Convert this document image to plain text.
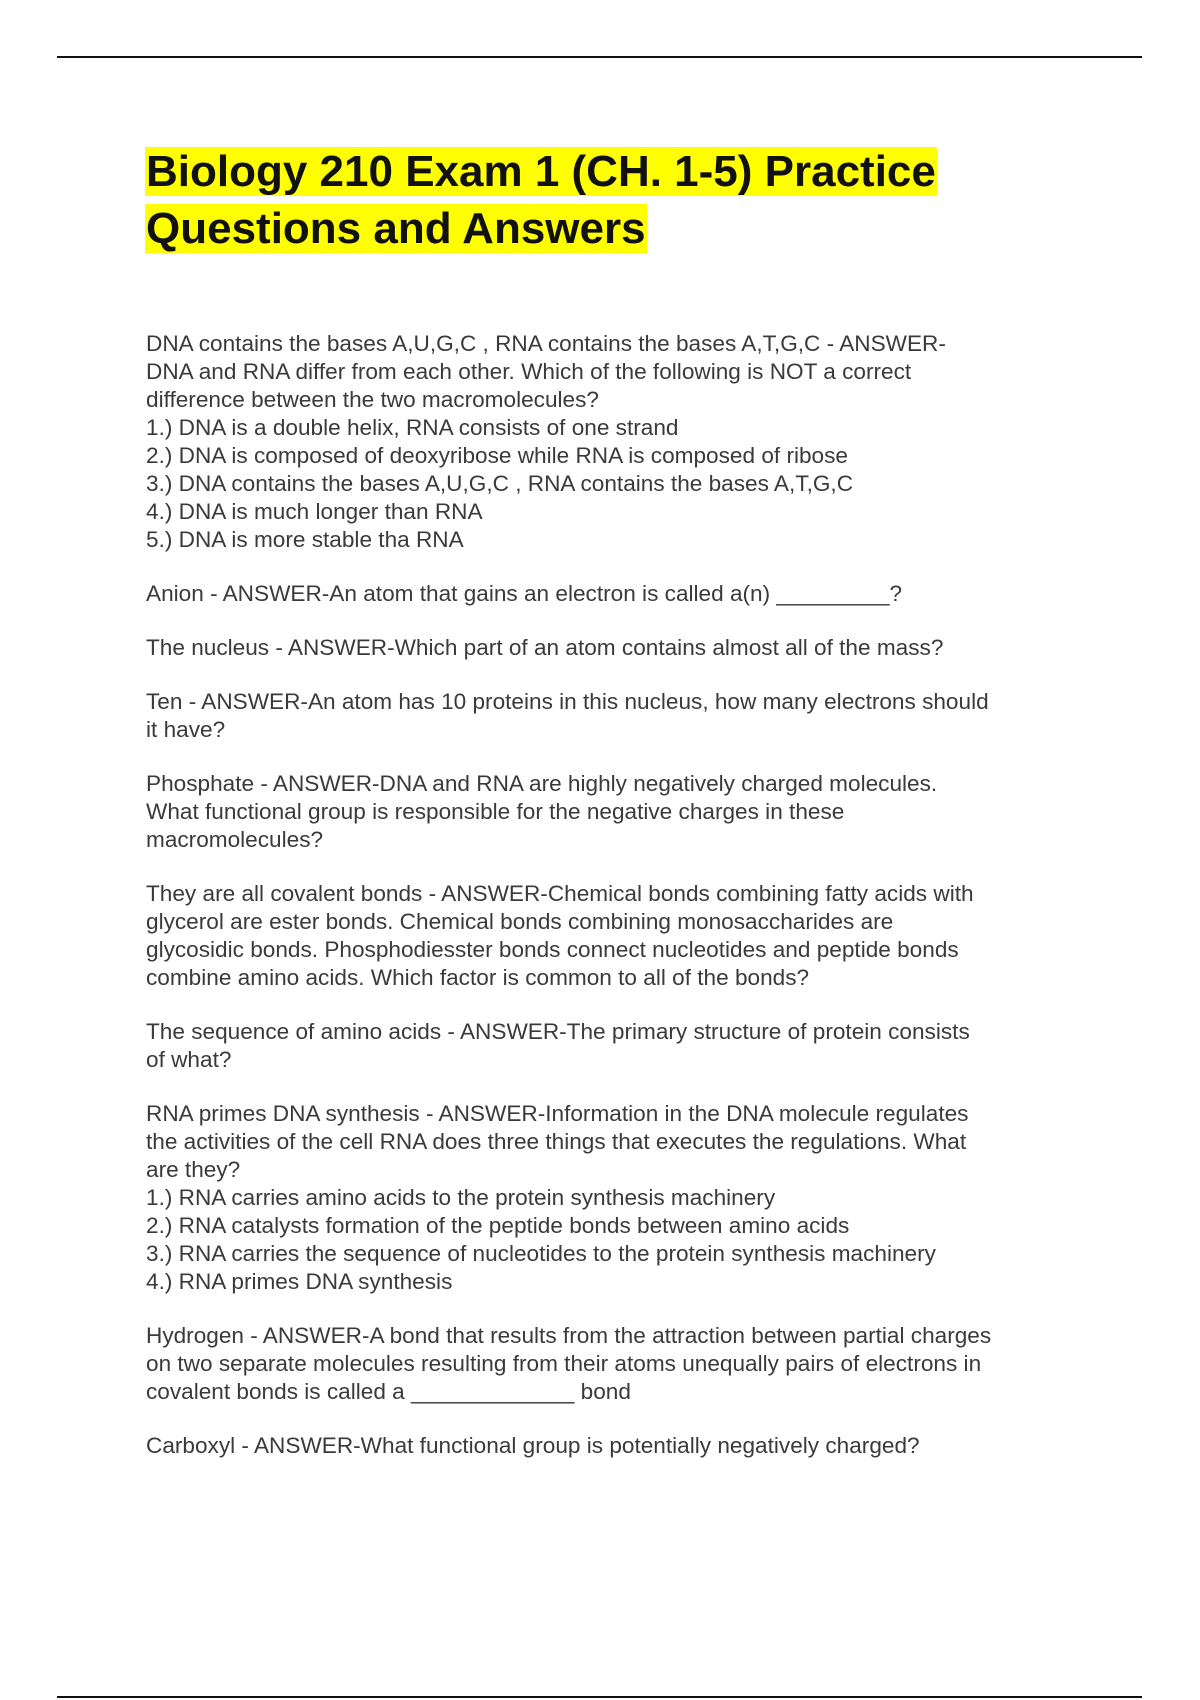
Biology 210 Exam 1 (CH. 1-5) Practice
Questions and Answers
DNA contains the bases A,U,G,C , RNA contains the bases A,T,G,C - ANSWER-
DNA and RNA differ from each other. Which of the following is NOT a correct
difference between the two macromolecules?
1.) DNA is a double helix, RNA consists of one strand
2.) DNA is composed of deoxyribose while RNA is composed of ribose
3.) DNA contains the bases A,U,G,C , RNA contains the bases A,T,G,C
4.) DNA is much longer than RNA
5.) DNA is more stable tha RNA
Anion - ANSWER-An atom that gains an electron is called a(n) _________?
The nucleus - ANSWER-Which part of an atom contains almost all of the mass?
Ten - ANSWER-An atom has 10 proteins in this nucleus, how many electrons should
it have?
Phosphate - ANSWER-DNA and RNA are highly negatively charged molecules.
What functional group is responsible for the negative charges in these
macromolecules?
They are all covalent bonds - ANSWER-Chemical bonds combining fatty acids with
glycerol are ester bonds. Chemical bonds combining monosaccharides are
glycosidic bonds. Phosphodiesster bonds connect nucleotides and peptide bonds
combine amino acids. Which factor is common to all of the bonds?
The sequence of amino acids - ANSWER-The primary structure of protein consists
of what?
RNA primes DNA synthesis - ANSWER-Information in the DNA molecule regulates
the activities of the cell RNA does three things that executes the regulations. What
are they?
1.) RNA carries amino acids to the protein synthesis machinery
2.) RNA catalysts formation of the peptide bonds between amino acids
3.) RNA carries the sequence of nucleotides to the protein synthesis machinery
4.) RNA primes DNA synthesis
Hydrogen - ANSWER-A bond that results from the attraction between partial charges
on two separate molecules resulting from their atoms unequally pairs of electrons in
covalent bonds is called a _____________ bond
Carboxyl - ANSWER-What functional group is potentially negatively charged?
